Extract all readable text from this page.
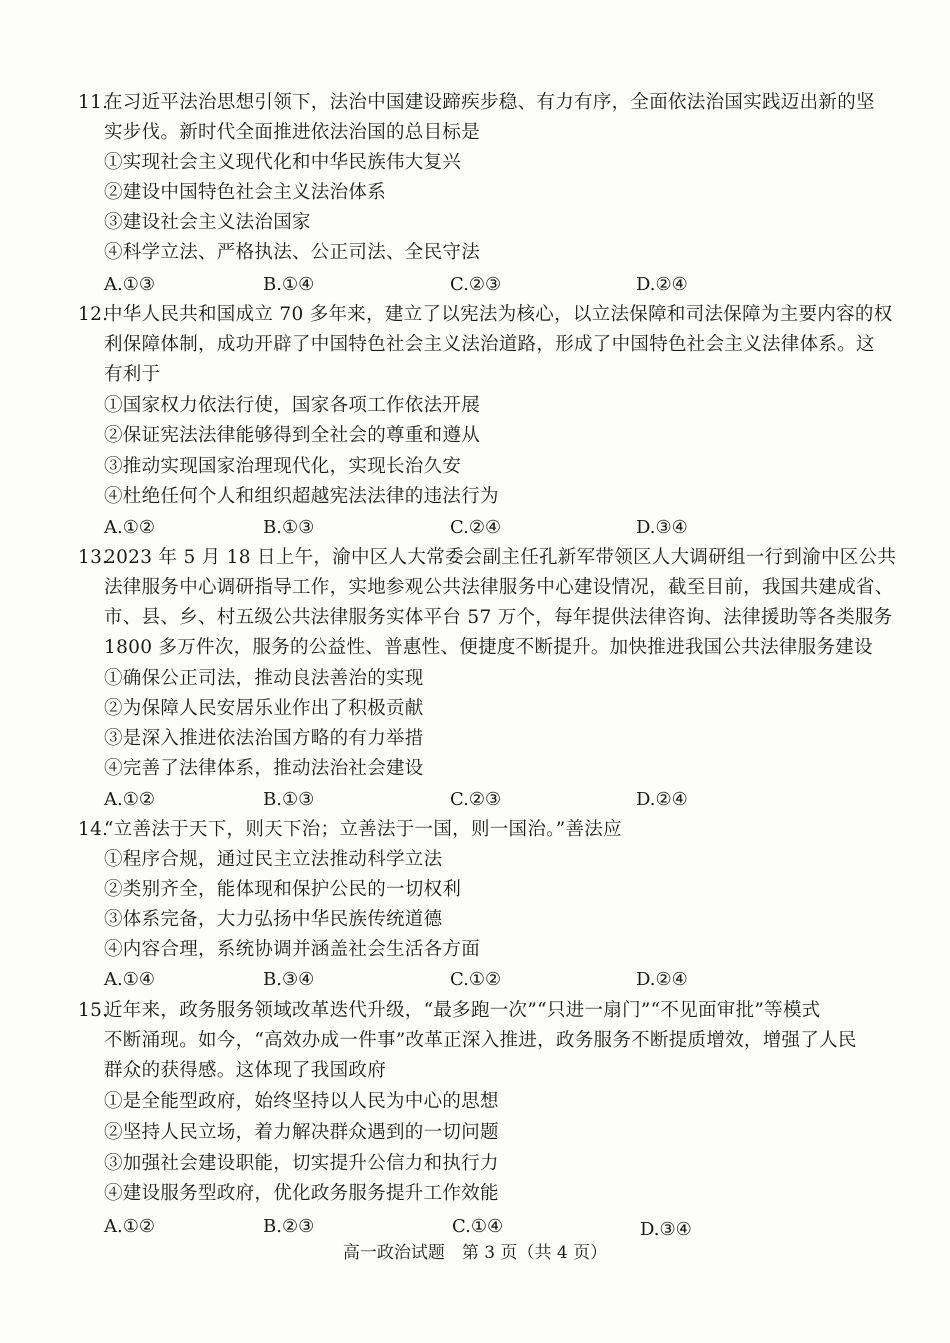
11.
在习近平法治思想引领下，法治中国建设蹄疾步稳、有力有序，全面依法治国实践迈出新的坚
实步伐。新时代全面推进依法治国的总目标是
①实现社会主义现代化和中华民族伟大复兴
②建设中国特色社会主义法治体系
③建设社会主义法治国家
④科学立法、严格执法、公正司法、全民守法
A.①③	B.①④	C.②③	D.②④
12.
中华人民共和国成立 70 多年来，建立了以宪法为核心，以立法保障和司法保障为主要内容的权
利保障体制，成功开辟了中国特色社会主义法治道路，形成了中国特色社会主义法律体系。这
有利于
①国家权力依法行使，国家各项工作依法开展
②保证宪法法律能够得到全社会的尊重和遵从
③推动实现国家治理现代化，实现长治久安
④杜绝任何个人和组织超越宪法法律的违法行为
A.①②	B.①③	C.②④	D.③④
13.
2023 年 5 月 18 日上午，渝中区人大常委会副主任孔新军带领区人大调研组一行到渝中区公共
法律服务中心调研指导工作，实地参观公共法律服务中心建设情况，截至目前，我国共建成省、
市、县、乡、村五级公共法律服务实体平台 57 万个，每年提供法律咨询、法律援助等各类服务
1800 多万件次，服务的公益性、普惠性、便捷度不断提升。加快推进我国公共法律服务建设
①确保公正司法，推动良法善治的实现
②为保障人民安居乐业作出了积极贡献
③是深入推进依法治国方略的有力举措
④完善了法律体系，推动法治社会建设
A.①②	B.①③	C.②③	D.②④
14.
“立善法于天下，则天下治；立善法于一国，则一国治。”善法应
①程序合规，通过民主立法推动科学立法
②类别齐全，能体现和保护公民的一切权利
③体系完备，大力弘扬中华民族传统道德
④内容合理，系统协调并涵盖社会生活各方面
A.①④	B.③④	C.①②	D.②④
15.
近年来，政务服务领域改革迭代升级，“最多跑一次”“只进一扇门”“不见面审批”等模式
不断涌现。如今，“高效办成一件事”改革正深入推进，政务服务不断提质增效，增强了人民
群众的获得感。这体现了我国政府
①是全能型政府，始终坚持以人民为中心的思想
②坚持人民立场，着力解决群众遇到的一切问题
③加强社会建设职能，切实提升公信力和执行力
④建设服务型政府，优化政务服务提升工作效能
A.①②	B.②③	C.①④	D.③④
高一政治试题　第 3 页（共 4 页）
